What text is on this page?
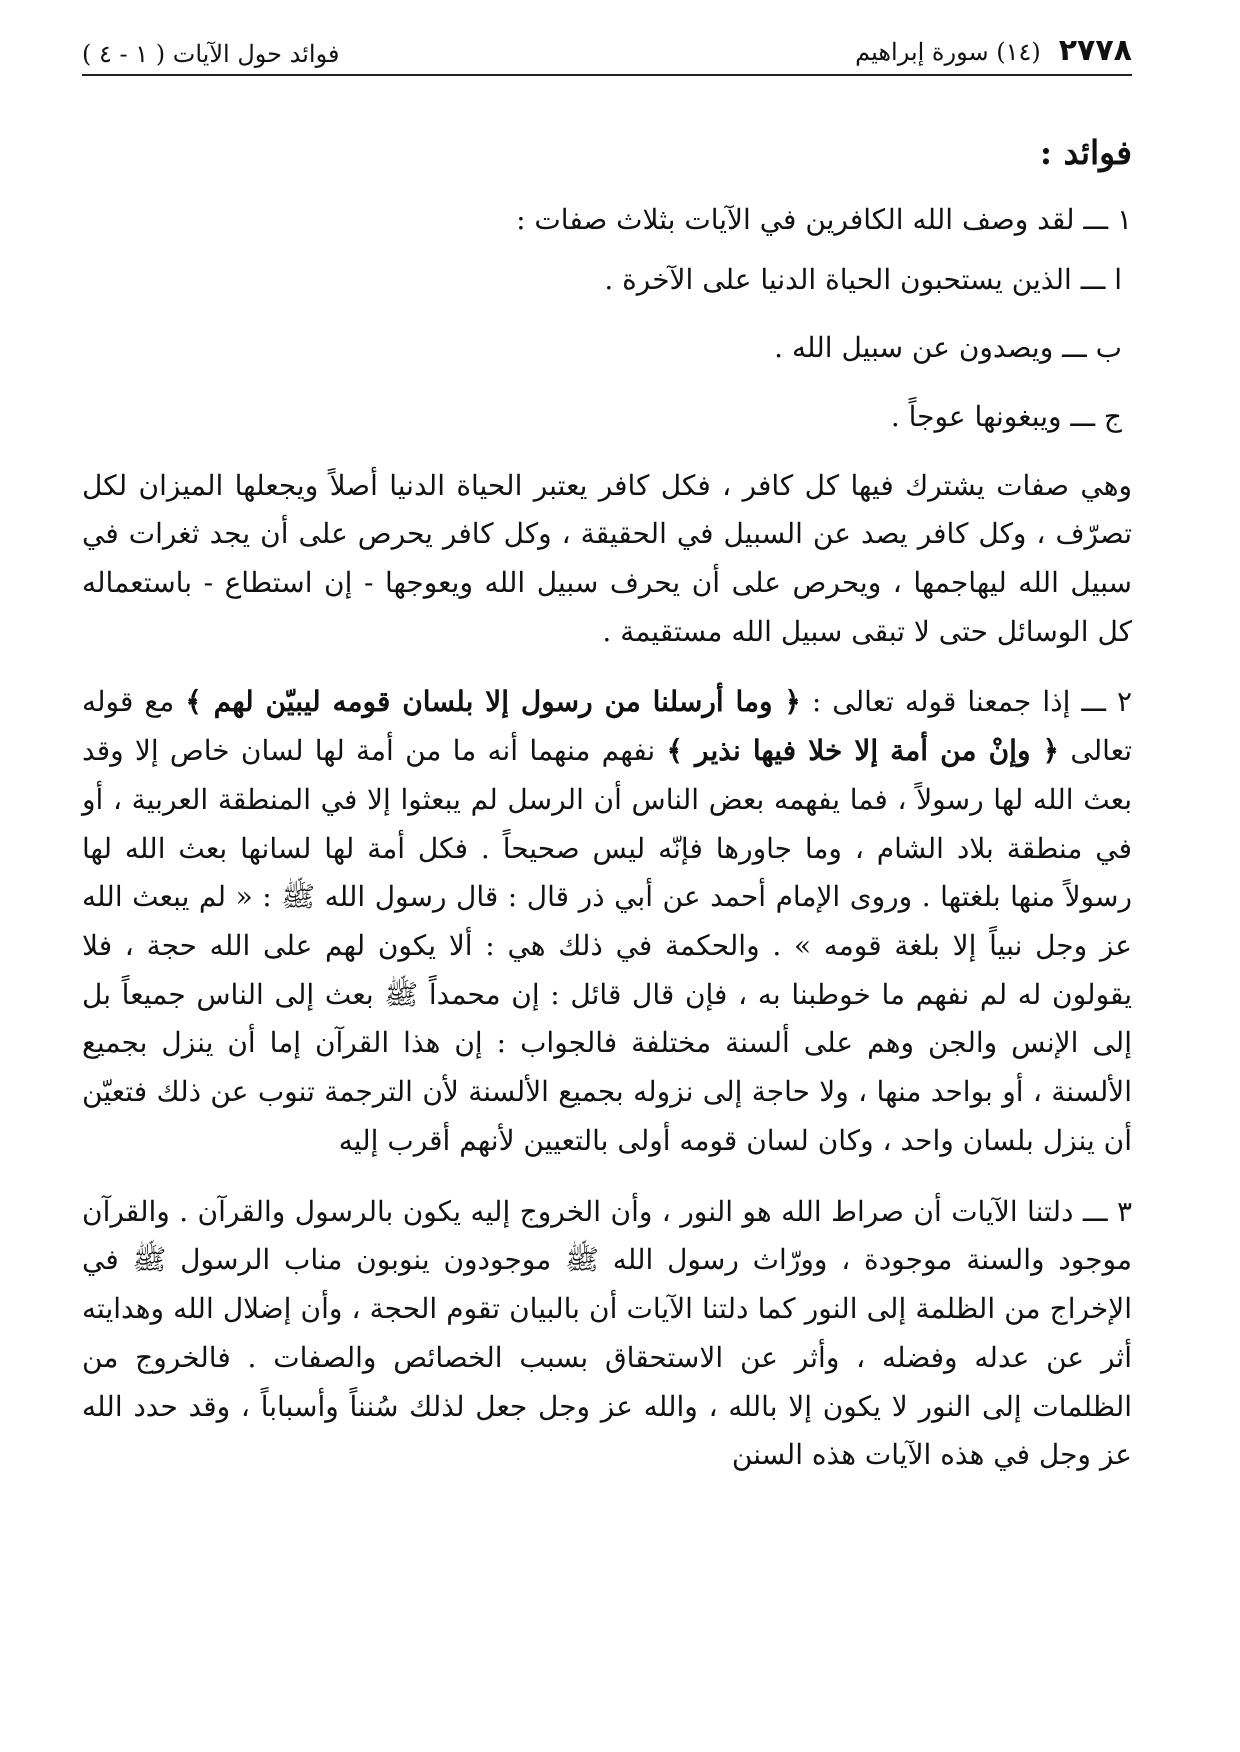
٢٧٧٨
(١٤) سورة إبراهيم
فوائد حول الآيات ( ١ - ٤ )
فوائد :

١ ـــ لقد وصف الله الكافرين في الآيات بثلاث صفات :

ا ـــ الذين يستحبون الحياة الدنيا على الآخرة .
ب ـــ ويصدون عن سبيل الله .
ج ـــ ويبغونها عوجاً .

وهي صفات يشترك فيها كل كافر ، فكل كافر يعتبر الحياة الدنيا أصلاً ويجعلها الميزان لكل تصرّف ، وكل كافر يصد عن السبيل في الحقيقة ، وكل كافر يحرص على أن يجد ثغرات في سبيل الله ليهاجمها ، ويحرص على أن يحرف سبيل الله ويعوجها - إن استطاع - باستعماله كل الوسائل حتى لا تبقى سبيل الله مستقيمة .

٢ ـــ إذا جمعنا قوله تعالى : ﴿ وما أرسلنا من رسول إلا بلسان قومه ليبيّن لهم ﴾ مع قوله تعالى ﴿ وإنْ من أمة إلا خلا فيها نذير ﴾ نفهم منهما أنه ما من أمة لها لسان خاص إلا وقد بعث الله لها رسولاً ، فما يفهمه بعض الناس أن الرسل لم يبعثوا إلا في المنطقة العربية ، أو في منطقة بلاد الشام ، وما جاورها فإنّه ليس صحيحاً . فكل أمة لها لسانها بعث الله لها رسولاً منها بلغتها . وروى الإمام أحمد عن أبي ذر قال : قال رسول الله ﷺ : « لم يبعث الله عز وجل نبياً إلا بلغة قومه » . والحكمة في ذلك هي : ألا يكون لهم على الله حجة ، فلا يقولون له لم نفهم ما خوطبنا به ، فإن قال قائل : إن محمداً ﷺ بعث إلى الناس جميعاً بل إلى الإنس والجن وهم على ألسنة مختلفة فالجواب : إن هذا القرآن إما أن ينزل بجميع الألسنة ، أو بواحد منها ، ولا حاجة إلى نزوله بجميع الألسنة لأن الترجمة تنوب عن ذلك فتعيّن أن ينزل بلسان واحد ، وكان لسان قومه أولى بالتعيين لأنهم أقرب إليه

٣ ـــ دلتنا الآيات أن صراط الله هو النور ، وأن الخروج إليه يكون بالرسول والقرآن . والقرآن موجود والسنة موجودة ، وورّاث رسول الله ﷺ موجودون ينوبون مناب الرسول ﷺ في الإخراج من الظلمة إلى النور كما دلتنا الآيات أن بالبيان تقوم الحجة ، وأن إضلال الله وهدايته أثر عن عدله وفضله ، وأثر عن الاستحقاق بسبب الخصائص والصفات . فالخروج من الظلمات إلى النور لا يكون إلا بالله ، والله عز وجل جعل لذلك سُنناً وأسباباً ، وقد حدد الله عز وجل في هذه الآيات هذه السنن
